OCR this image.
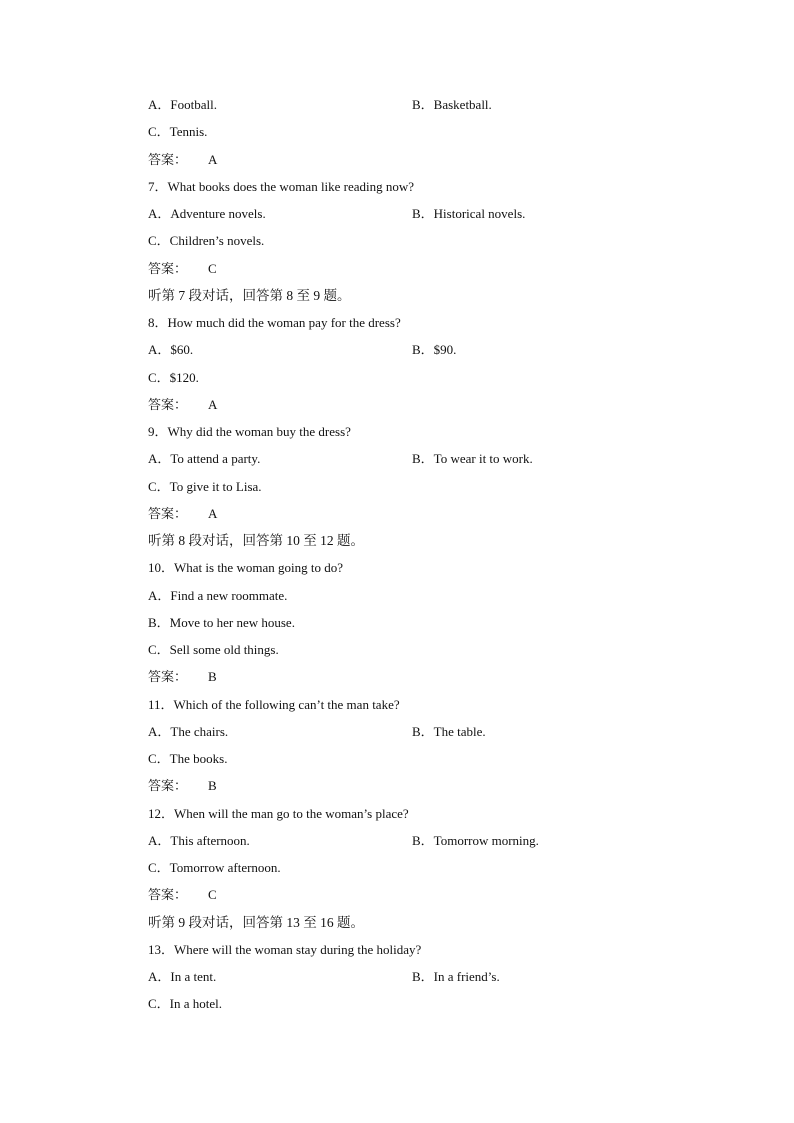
A．Football.	B．Basketball.
C．Tennis.
答案： A
7．What books does the woman like reading now?
A．Adventure novels.	B．Historical novels.
C．Children’s novels.
答案： C
听第 7 段对话，回答第 8 至 9 题。
8．How much did the woman pay for the dress?
A．$60.	B．$90.
C．$120.
答案： A
9．Why did the woman buy the dress?
A．To attend a party.	B．To wear it to work.
C．To give it to Lisa.
答案： A
听第 8 段对话，回答第 10 至 12 题。
10．What is the woman going to do?
A．Find a new roommate.
B．Move to her new house.
C．Sell some old things.
答案： B
11．Which of the following can’t the man take?
A．The chairs.	B．The table.
C．The books.
答案： B
12．When will the man go to the woman’s place?
A．This afternoon.	B．Tomorrow morning.
C．Tomorrow afternoon.
答案： C
听第 9 段对话，回答第 13 至 16 题。
13．Where will the woman stay during the holiday?
A．In a tent.	B．In a friend’s.
C．In a hotel.
